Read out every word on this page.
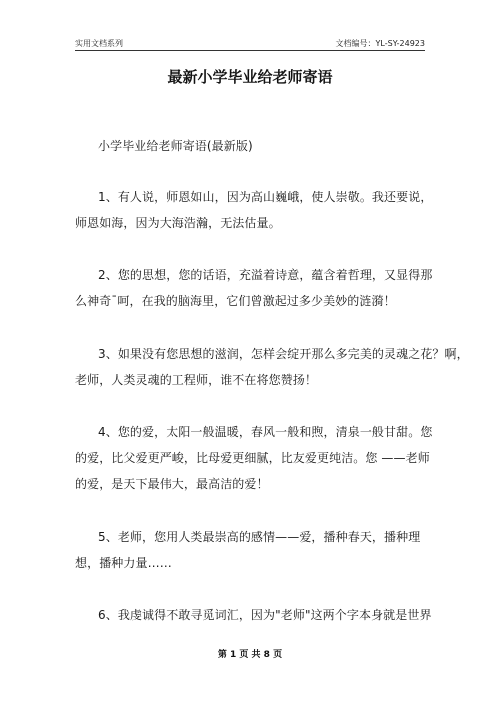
实用文档系列	文档编号：YL-SY-24923
最新小学毕业给老师寄语
小学毕业给老师寄语(最新版)
1、有人说，师恩如山，因为高山巍峨，使人崇敬。我还要说，
师恩如海，因为大海浩瀚，无法估量。
2、您的思想，您的话语，充溢着诗意，蕴含着哲理，又显得那
么神奇¯呵，在我的脑海里，它们曾激起过多少美妙的涟漪！
3、如果没有您思想的滋润，怎样会绽开那么多完美的灵魂之花？啊，
老师，人类灵魂的工程师，谁不在将您赞扬！
4、您的爱，太阳一般温暖，春风一般和煦，清泉一般甘甜。您
的爱，比父爱更严峻，比母爱更细腻，比友爱更纯洁。您 ——老师
的爱，是天下最伟大，最高洁的爱！
5、老师，您用人类最崇高的感情——爱，播种春天，播种理
想，播种力量……
6、我虔诚得不敢寻觅词汇，因为"老师"这两个字本身就是世界
第 1 页 共 8 页
